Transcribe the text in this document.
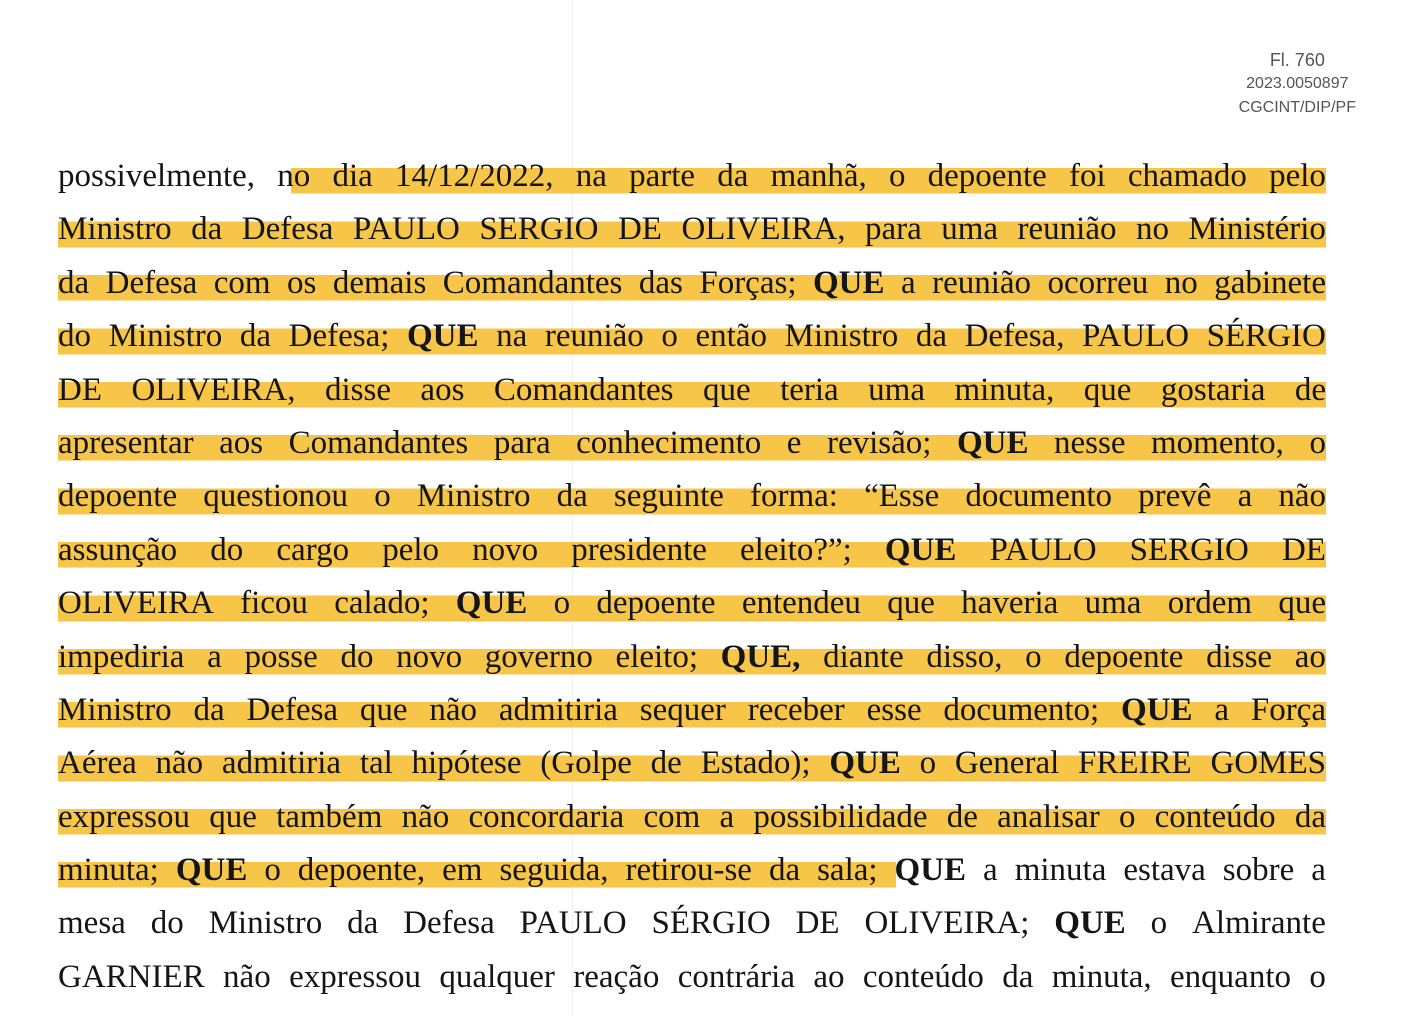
Fl. 760
2023.0050897
CGCINT/DIP/PF
possivelmente, no dia 14/12/2022, na parte da manhã, o depoente foi chamado pelo
Ministro da Defesa PAULO SERGIO DE OLIVEIRA, para uma reunião no Ministério
da Defesa com os demais Comandantes das Forças; QUE a reunião ocorreu no gabinete
do Ministro da Defesa; QUE na reunião o então Ministro da Defesa, PAULO SÉRGIO
DE OLIVEIRA, disse aos Comandantes que teria uma minuta, que gostaria de
apresentar aos Comandantes para conhecimento e revisão; QUE nesse momento, o
depoente questionou o Ministro da seguinte forma: “Esse documento prevê a não
assunção do cargo pelo novo presidente eleito?”; QUE PAULO SERGIO DE
OLIVEIRA ficou calado; QUE o depoente entendeu que haveria uma ordem que
impediria a posse do novo governo eleito; QUE, diante disso, o depoente disse ao
Ministro da Defesa que não admitiria sequer receber esse documento; QUE a Força
Aérea não admitiria tal hipótese (Golpe de Estado); QUE o General FREIRE GOMES
expressou que também não concordaria com a possibilidade de analisar o conteúdo da
minuta; QUE o depoente, em seguida, retirou-se da sala; QUE a minuta estava sobre a
mesa do Ministro da Defesa PAULO SÉRGIO DE OLIVEIRA; QUE o Almirante
GARNIER não expressou qualquer reação contrária ao conteúdo da minuta, enquanto o
